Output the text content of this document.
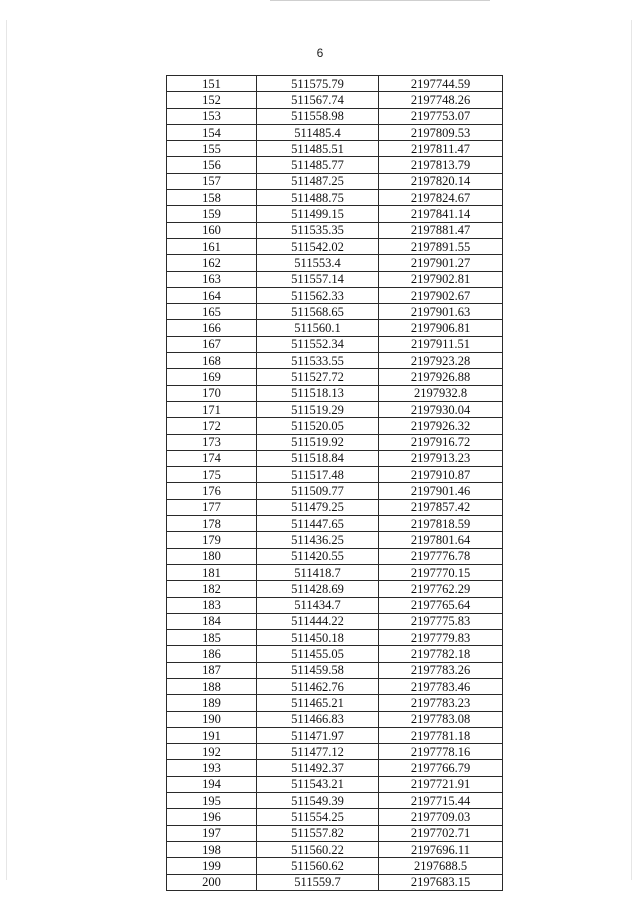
6
151	511575.79	2197744.59
152	511567.74	2197748.26
153	511558.98	2197753.07
154	511485.4	2197809.53
155	511485.51	2197811.47
156	511485.77	2197813.79
157	511487.25	2197820.14
158	511488.75	2197824.67
159	511499.15	2197841.14
160	511535.35	2197881.47
161	511542.02	2197891.55
162	511553.4	2197901.27
163	511557.14	2197902.81
164	511562.33	2197902.67
165	511568.65	2197901.63
166	511560.1	2197906.81
167	511552.34	2197911.51
168	511533.55	2197923.28
169	511527.72	2197926.88
170	511518.13	2197932.8
171	511519.29	2197930.04
172	511520.05	2197926.32
173	511519.92	2197916.72
174	511518.84	2197913.23
175	511517.48	2197910.87
176	511509.77	2197901.46
177	511479.25	2197857.42
178	511447.65	2197818.59
179	511436.25	2197801.64
180	511420.55	2197776.78
181	511418.7	2197770.15
182	511428.69	2197762.29
183	511434.7	2197765.64
184	511444.22	2197775.83
185	511450.18	2197779.83
186	511455.05	2197782.18
187	511459.58	2197783.26
188	511462.76	2197783.46
189	511465.21	2197783.23
190	511466.83	2197783.08
191	511471.97	2197781.18
192	511477.12	2197778.16
193	511492.37	2197766.79
194	511543.21	2197721.91
195	511549.39	2197715.44
196	511554.25	2197709.03
197	511557.82	2197702.71
198	511560.22	2197696.11
199	511560.62	2197688.5
200	511559.7	2197683.15
